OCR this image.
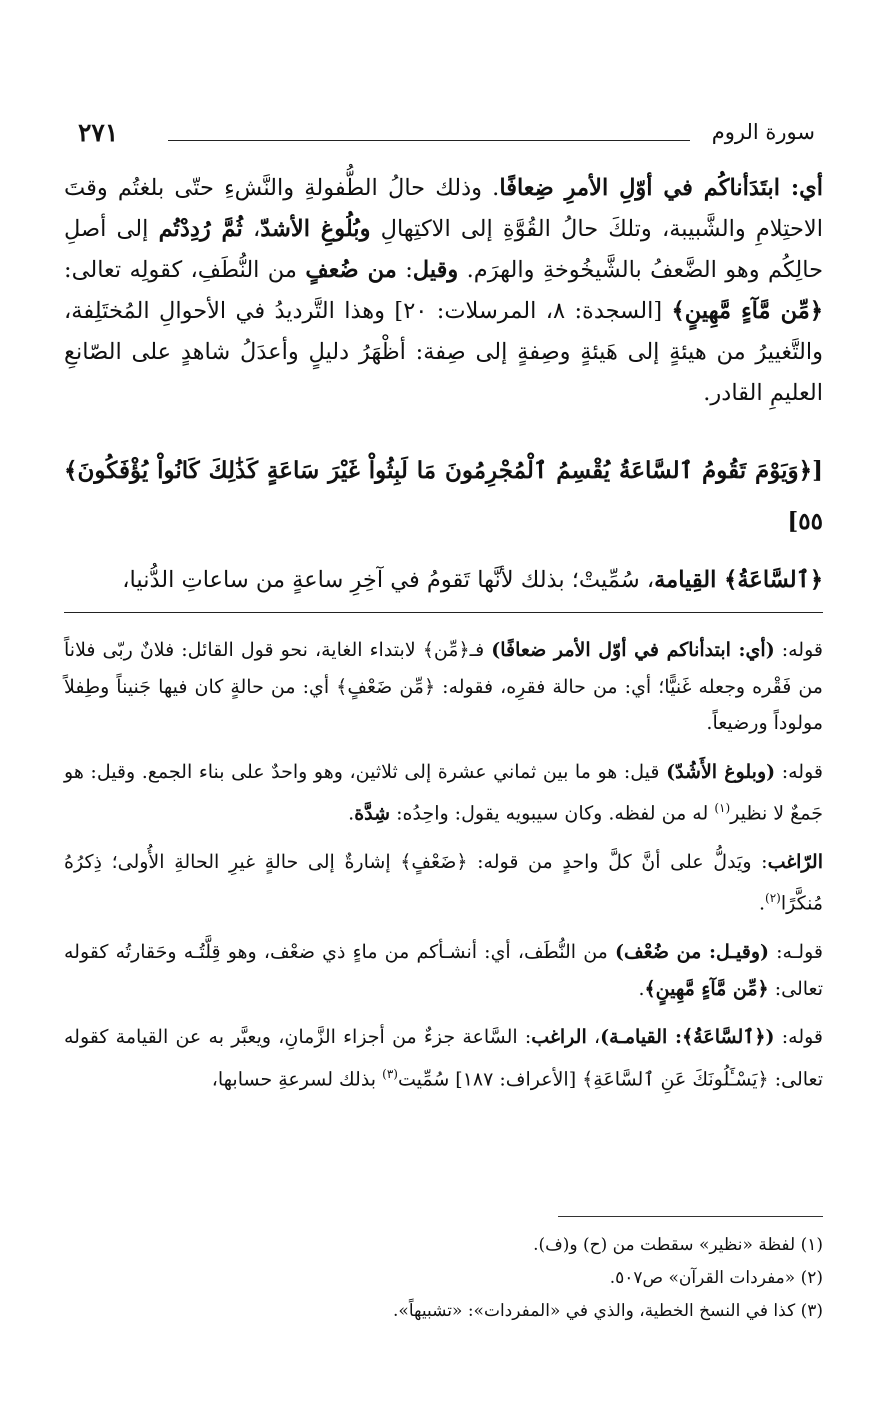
سورة الروم
٢٧١

أي: ابتَدَأناكُم في أوّلِ الأمرِ ضِعافًا. وذلك حالُ الطُّفولةِ والنَّشءِ حتّى بلغتُم وقتَ الاحتِلامِ والشَّبيبة، وتلكَ حالُ القُوَّةِ إلى الاكتِهالِ وبُلُوغِ الأشدّ، ثُمَّ رُدِدْتُم إلى أصلِ حالِكُم وهو الضَّعفُ بالشَّيخُوخةِ والهرَم. وقيل: من ضُعفٍ من النُّطَفِ، كقولِه تعالى: ﴿مِّن مَّآءٍ مَّهِينٍ﴾ [السجدة: ٨، المرسلات: ٢٠] وهذا التَّرديدُ في الأحوالِ المُختَلِفة، والتَّغييرُ من هيئةٍ إلى هَيئةٍ وصِفةٍ إلى صِفة: أظْهَرُ دليلٍ وأعدَلُ شاهدٍ على الصّانعِ العليمِ القادر.

[﴿وَيَوْمَ تَقُومُ ٱلسَّاعَةُ يُقْسِمُ ٱلْمُجْرِمُونَ مَا لَبِثُواْ غَيْرَ سَاعَةٍ كَذَٰلِكَ كَانُواْ يُؤْفَكُونَ﴾ ٥٥]
﴿ٱلسَّاعَةُ﴾ القِيامة، سُمِّيتْ؛ بذلك لأنَّها تَقومُ في آخِرِ ساعةٍ من ساعاتِ الدُّنيا،

قوله: (أي: ابتدأناكم في أوّل الأمر ضعافًا) فـ﴿مِّن﴾ لابتداء الغاية، نحو قول القائل: فلانٌ ربّى فلاناً من فَقْره وجعله غَنيًّا؛ أي: من حالة فقرِه، فقوله: ﴿مِّن ضَعْفٍ﴾ أي: من حالةٍ كان فيها جَنيناً وطِفلاً مولوداً ورضيعاً.

قوله: (وبلوغ الأَشُدّ) قيل: هو ما بين ثماني عشرة إلى ثلاثين، وهو واحدٌ على بناء الجمع. وقيل: هو جَمعٌ لا نظير$^{(١)}$ له من لفظه. وكان سيبويه يقول: واحِدُه: شِدَّة.

الرّاغب: ويَدلُّ على أنَّ كلَّ واحدٍ من قوله: ﴿ضَعْفٍ﴾ إشارةٌ إلى حالةٍ غيرِ الحالةِ الأُولى؛ ذِكرُهُ مُنكَّرًا$^{(٢)}$.

قولـه: (وقيـل: من ضُعْف) من النُّطَف، أي: أنشـأكم من ماءٍ ذي ضعْف، وهو قِلَّتُـه وحَقارتُه كقوله تعالى: ﴿مِّن مَّآءٍ مَّهِينٍ﴾.

قوله: (﴿ٱلسَّاعَةُ﴾: القيامـة)، الراغب: السَّاعة جزءٌ من أجزاء الزَّمانِ، ويعبَّر به عن القيامة كقوله تعالى: ﴿يَسْـَٔلُونَكَ عَنِ ٱلسَّاعَةِ﴾ [الأعراف: ١٨٧] سُمِّيت$^{(٣)}$ بذلك لسرعةِ حسابها،

(١) لفظة «نظير» سقطت من (ح) و(ف).

(٢) «مفردات القرآن» ص٥٠٧.

(٣) كذا في النسخ الخطية، والذي في «المفردات»: «تشبيهاً».
